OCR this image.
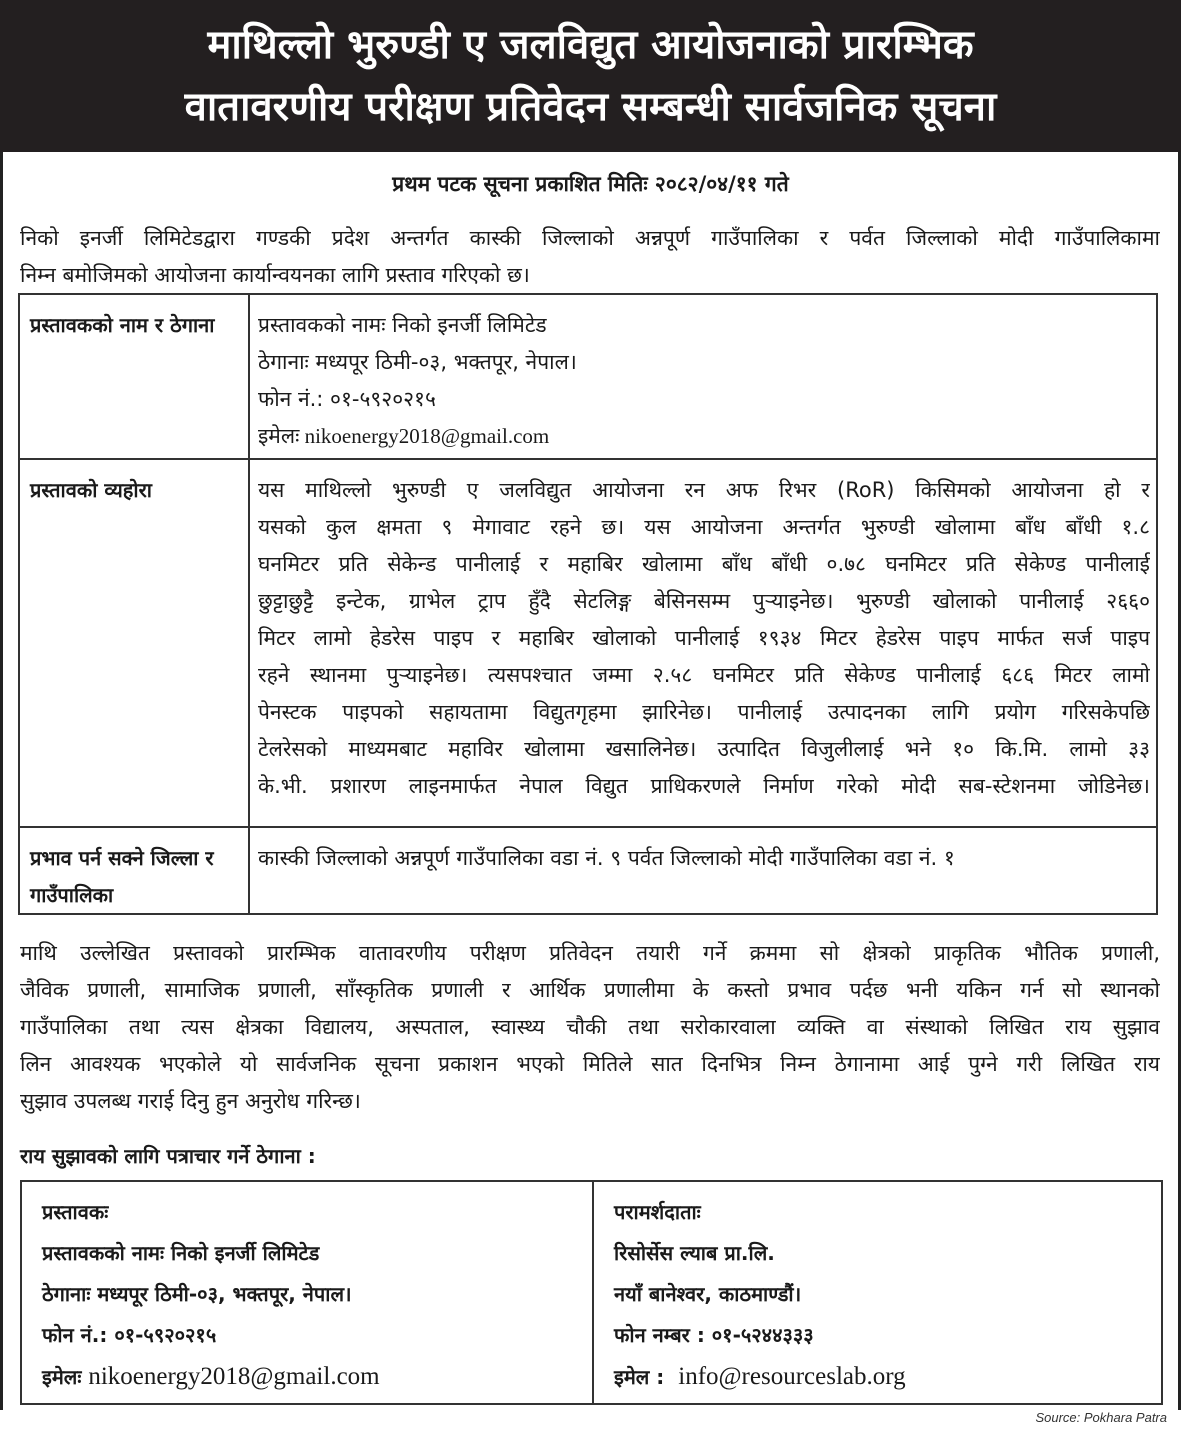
माथिल्लो भुरुण्डी ए जलविद्युत आयोजनाको प्रारम्भिक
वातावरणीय परीक्षण प्रतिवेदन सम्बन्धी सार्वजनिक सूचना
प्रथम पटक सूचना प्रकाशित मितिः २०८२/०४/११ गते
निको इनर्जी लिमिटेडद्वारा गण्डकी प्रदेश अन्तर्गत कास्की जिल्लाको अन्नपूर्ण गाउँपालिका र पर्वत जिल्लाको मोदी गाउँपालिकामा
निम्न बमोजिमको आयोजना कार्यान्वयनका लागि प्रस्ताव गरिएको छ।
प्रस्तावकको नाम र ठेगाना	प्रस्तावकको नामः निको इनर्जी लिमिटेड
ठेगानाः मध्यपूर ठिमी-०३, भक्तपूर, नेपाल।
फोन नं.: ०१-५९२०२१५
इमेलः nikoenergy2018@gmail.com
प्रस्तावको व्यहोरा	यस माथिल्लो भुरुण्डी ए जलविद्युत आयोजना रन अफ रिभर (RoR) किसिमको आयोजना हो र
यसको कुल क्षमता ९ मेगावाट रहने छ। यस आयोजना अन्तर्गत भुरुण्डी खोलामा बाँध बाँधी १.८
घनमिटर प्रति सेकेन्ड पानीलाई र महाबिर खोलामा बाँध बाँधी ०.७८ घनमिटर प्रति सेकेण्ड पानीलाई
छुट्टाछुट्टै इन्टेक, ग्राभेल ट्राप हुँदै सेटलिङ्ग बेसिनसम्म पुऱ्याइनेछ। भुरुण्डी खोलाको पानीलाई २६६०
मिटर लामो हेडरेस पाइप र महाबिर खोलाको पानीलाई १९३४ मिटर हेडरेस पाइप मार्फत सर्ज पाइप
रहने स्थानमा पुऱ्याइनेछ। त्यसपश्चात जम्मा २.५८ घनमिटर प्रति सेकेण्ड पानीलाई ६८६ मिटर लामो
पेनस्टक पाइपको सहायतामा विद्युतगृहमा झारिनेछ। पानीलाई उत्पादनका लागि प्रयोग गरिसकेपछि
टेलरेसको माध्यमबाट महाविर खोलामा खसालिनेछ। उत्पादित विजुलीलाई भने १० कि.मि. लामो ३३
के.भी. प्रशारण लाइनमार्फत नेपाल विद्युत प्राधिकरणले निर्माण गरेको मोदी सब-स्टेशनमा जोडिनेछ।
प्रभाव पर्न सक्ने जिल्ला र गाउँपालिका
कास्की जिल्लाको अन्नपूर्ण गाउँपालिका वडा नं. ९ पर्वत जिल्लाको मोदी गाउँपालिका वडा नं. १
माथि उल्लेखित प्रस्तावको प्रारम्भिक वातावरणीय परीक्षण प्रतिवेदन तयारी गर्ने क्रममा सो क्षेत्रको प्राकृतिक भौतिक प्रणाली,
जैविक प्रणाली, सामाजिक प्रणाली, साँस्कृतिक प्रणाली र आर्थिक प्रणालीमा के कस्तो प्रभाव पर्दछ भनी यकिन गर्न सो स्थानको
गाउँपालिका तथा त्यस क्षेत्रका विद्यालय, अस्पताल, स्वास्थ्य चौकी तथा सरोकारवाला व्यक्ति वा संस्थाको लिखित राय सुझाव
लिन आवश्यक भएकोले यो सार्वजनिक सूचना प्रकाशन भएको मितिले सात दिनभित्र निम्न ठेगानामा आई पुग्ने गरी लिखित राय
सुझाव उपलब्ध गराई दिनु हुन अनुरोध गरिन्छ।
राय सुझावको लागि पत्राचार गर्ने ठेगाना :
प्रस्तावकः
प्रस्तावकको नामः निको इनर्जी लिमिटेड
ठेगानाः मध्यपूर ठिमी-०३, भक्तपूर, नेपाल।
फोन नं.: ०१-५९२०२१५
इमेलः nikoenergy2018@gmail.com
परामर्शदाताः
रिसोर्सेस ल्याब प्रा.लि.
नयाँ बानेश्वर, काठमाण्डौं।
फोन नम्बर : ०१-५२४४३३३
इमेल : info@resourceslab.org
Source: Pokhara Patra
